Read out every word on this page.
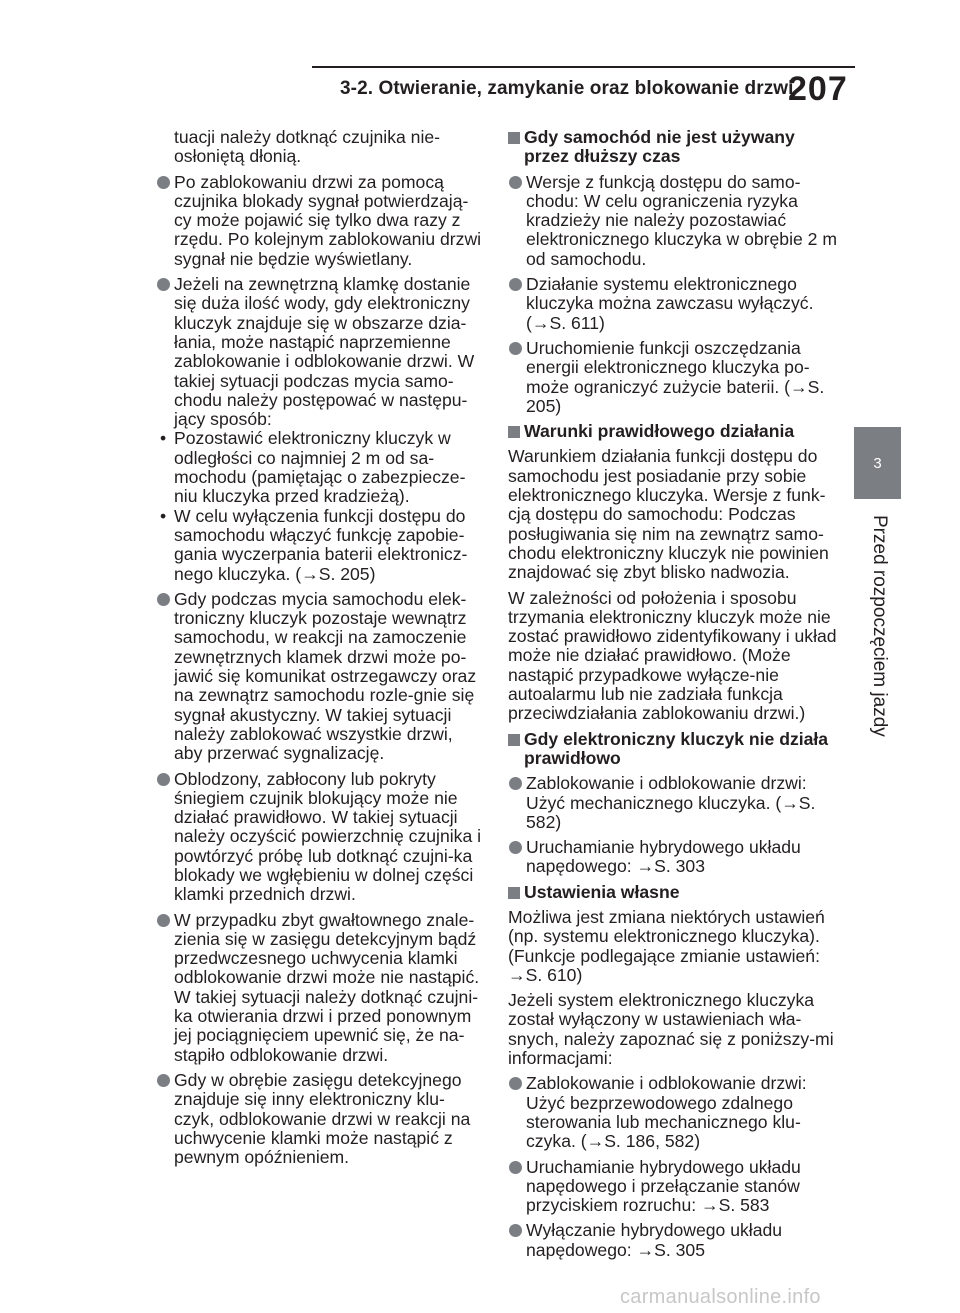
3-2. Otwieranie, zamykanie oraz blokowanie drzwi
207
3
Przed rozpoczęciem jazdy
tuacji należy dotknąć czujnika nie-osłoniętą dłonią.
Po zablokowaniu drzwi za pomocą czujnika blokady sygnał potwierdzają-cy może pojawić się tylko dwa razy z rzędu. Po kolejnym zablokowaniu drzwi sygnał nie będzie wyświetlany.
Jeżeli na zewnętrzną klamkę dostanie się duża ilość wody, gdy elektroniczny kluczyk znajduje się w obszarze dzia-łania, może nastąpić naprzemienne zablokowanie i odblokowanie drzwi. W takiej sytuacji podczas mycia samo-chodu należy postępować w następu-jący sposób:
• Pozostawić elektroniczny kluczyk w odległości co najmniej 2 m od sa-mochodu (pamiętając o zabezpiecze-niu kluczyka przed kradzieżą).
• W celu wyłączenia funkcji dostępu do samochodu włączyć funkcję zapobie-gania wyczerpania baterii elektronicz-nego kluczyka. (→S. 205)
Gdy podczas mycia samochodu elek-troniczny kluczyk pozostaje wewnątrz samochodu, w reakcji na zamoczenie zewnętrznych klamek drzwi może po-jawić się komunikat ostrzegawczy oraz na zewnątrz samochodu rozle-gnie się sygnał akustyczny. W takiej sytuacji należy zablokować wszystkie drzwi, aby przerwać sygnalizację.
Oblodzony, zabłocony lub pokryty śniegiem czujnik blokujący może nie działać prawidłowo. W takiej sytuacji należy oczyścić powierzchnię czujnika i powtórzyć próbę lub dotknąć czujni-ka blokady we wgłębieniu w dolnej części klamki przednich drzwi.
W przypadku zbyt gwałtownego znale-zienia się w zasięgu detekcyjnym bądź przedwczesnego uchwycenia klamki odblokowanie drzwi może nie nastąpić. W takiej sytuacji należy dotknąć czujni-ka otwierania drzwi i przed ponownym jej pociągnięciem upewnić się, że na-stąpiło odblokowanie drzwi.
Gdy w obrębie zasięgu detekcyjnego znajduje się inny elektroniczny klu-czyk, odblokowanie drzwi w reakcji na uchwycenie klamki może nastąpić z pewnym opóźnieniem.
Gdy samochód nie jest używany przez dłuższy czas
Wersje z funkcją dostępu do samo-chodu: W celu ograniczenia ryzyka kradzieży nie należy pozostawiać elektronicznego kluczyka w obrębie 2 m od samochodu.
Działanie systemu elektronicznego kluczyka można zawczasu wyłączyć. (→S. 611)
Uruchomienie funkcji oszczędzania energii elektronicznego kluczyka po-może ograniczyć zużycie baterii. (→S. 205)
Warunki prawidłowego działania
Warunkiem działania funkcji dostępu do samochodu jest posiadanie przy sobie elektronicznego kluczyka. Wersje z funk-cją dostępu do samochodu: Podczas posługiwania się nim na zewnątrz samo-chodu elektroniczny kluczyk nie powinien znajdować się zbyt blisko nadwozia.
W zależności od położenia i sposobu trzymania elektroniczny kluczyk może nie zostać prawidłowo zidentyfikowany i układ może nie działać prawidłowo. (Może nastąpić przypadkowe wyłącze-nie autoalarmu lub nie zadziała funkcja przeciwdziałania zablokowaniu drzwi.)
Gdy elektroniczny kluczyk nie działa prawidłowo
Zablokowanie i odblokowanie drzwi: Użyć mechanicznego kluczyka. (→S. 582)
Uruchamianie hybrydowego układu napędowego: →S. 303
Ustawienia własne
Możliwa jest zmiana niektórych ustawień (np. systemu elektronicznego kluczyka). (Funkcje podlegające zmianie ustawień: →S. 610)
Jeżeli system elektronicznego kluczyka został wyłączony w ustawieniach wła-snych, należy zapoznać się z poniższy-mi informacjami:
Zablokowanie i odblokowanie drzwi: Użyć bezprzewodowego zdalnego sterowania lub mechanicznego klu-czyka. (→S. 186, 582)
Uruchamianie hybrydowego układu napędowego i przełączanie stanów przyciskiem rozruchu: →S. 583
Wyłączanie hybrydowego układu napędowego: →S. 305
carmanualsonline.info
